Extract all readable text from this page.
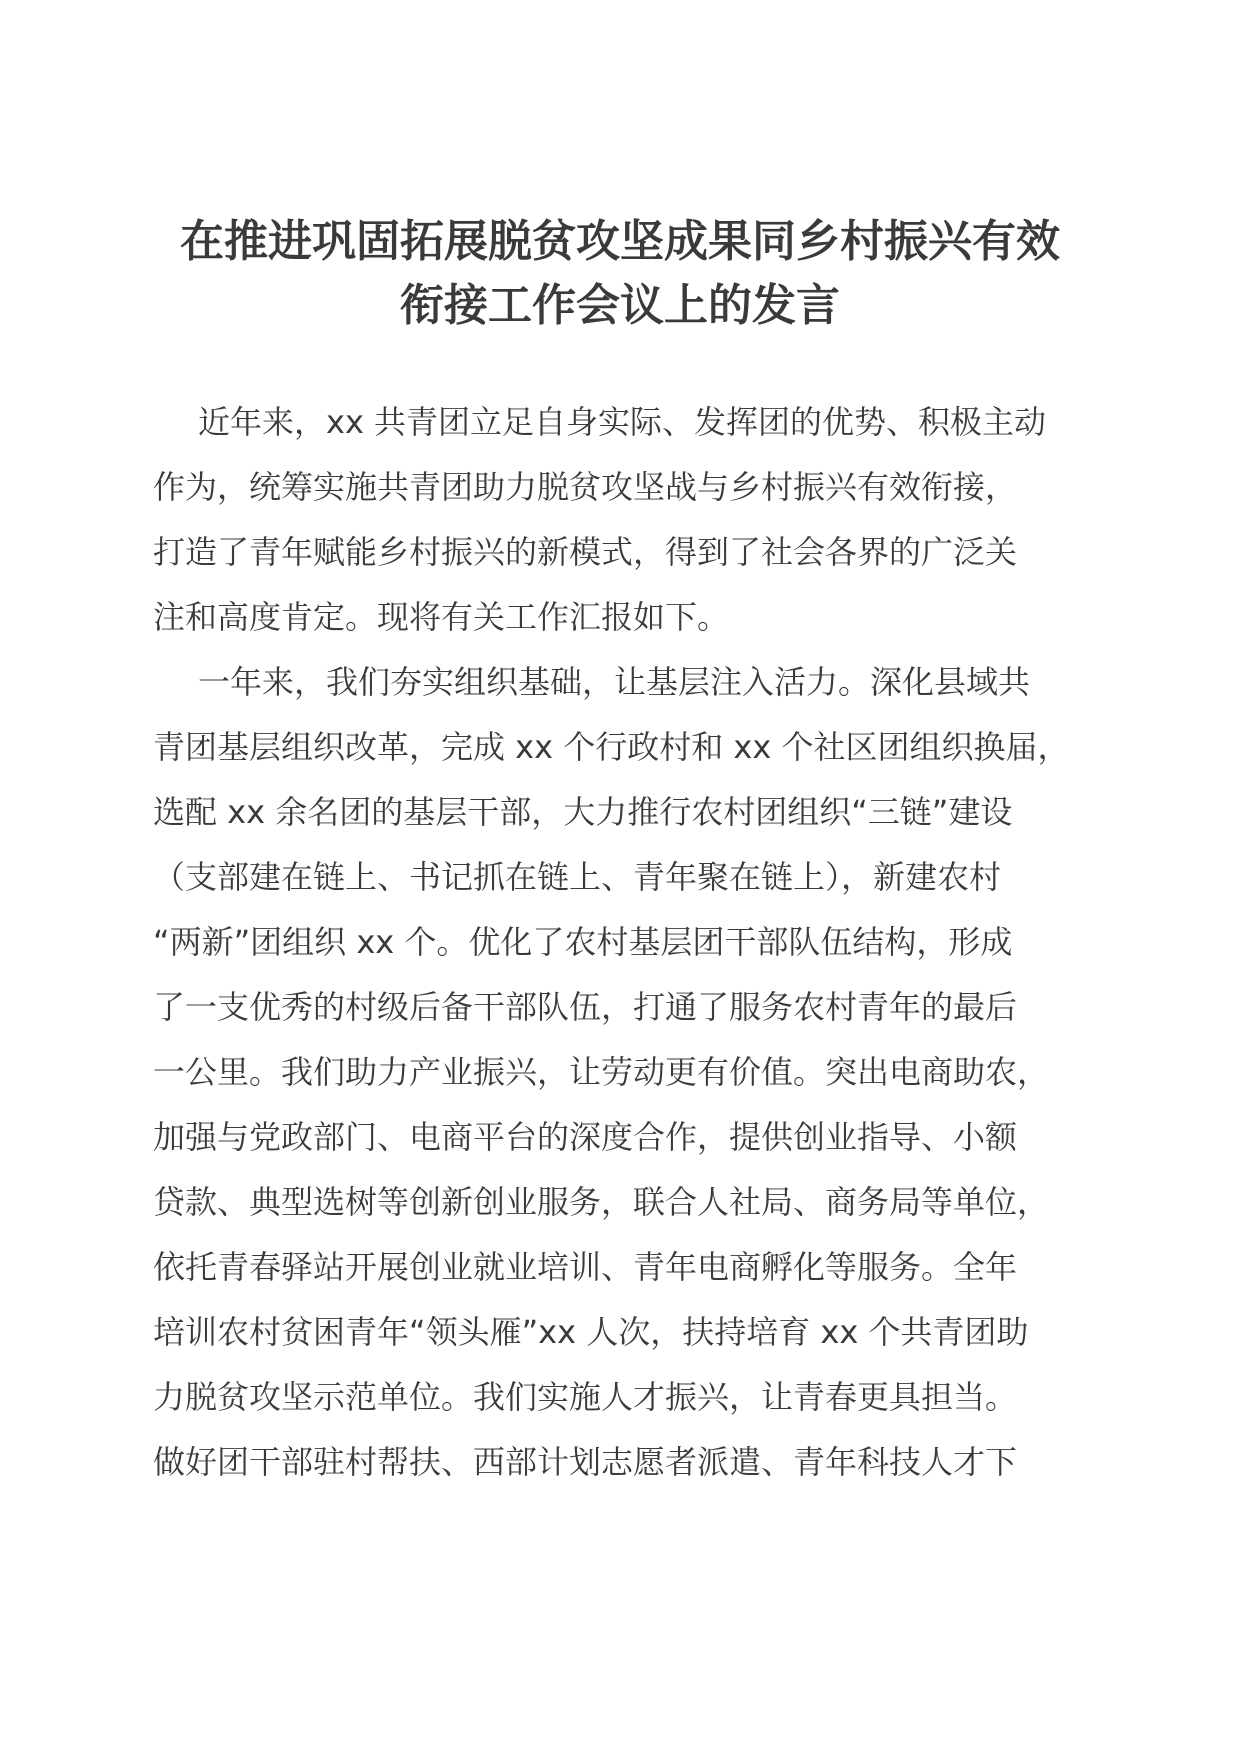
在推进巩固拓展脱贫攻坚成果同乡村振兴有效
衔接工作会议上的发言
近年来，xx 共青团立足自身实际、发挥团的优势、积极主动
作为，统筹实施共青团助力脱贫攻坚战与乡村振兴有效衔接，
打造了青年赋能乡村振兴的新模式，得到了社会各界的广泛关
注和高度肯定。现将有关工作汇报如下。
一年来，我们夯实组织基础，让基层注入活力。深化县域共
青团基层组织改革，完成 xx 个行政村和 xx 个社区团组织换届，
选配 xx 余名团的基层干部，大力推行农村团组织“三链”建设
（支部建在链上、书记抓在链上、青年聚在链上），新建农村
“两新”团组织 xx 个。优化了农村基层团干部队伍结构，形成
了一支优秀的村级后备干部队伍，打通了服务农村青年的最后
一公里。我们助力产业振兴，让劳动更有价值。突出电商助农，
加强与党政部门、电商平台的深度合作，提供创业指导、小额
贷款、典型选树等创新创业服务，联合人社局、商务局等单位，
依托青春驿站开展创业就业培训、青年电商孵化等服务。全年
培训农村贫困青年“领头雁”xx 人次，扶持培育 xx 个共青团助
力脱贫攻坚示范单位。我们实施人才振兴，让青春更具担当。
做好团干部驻村帮扶、西部计划志愿者派遣、青年科技人才下
